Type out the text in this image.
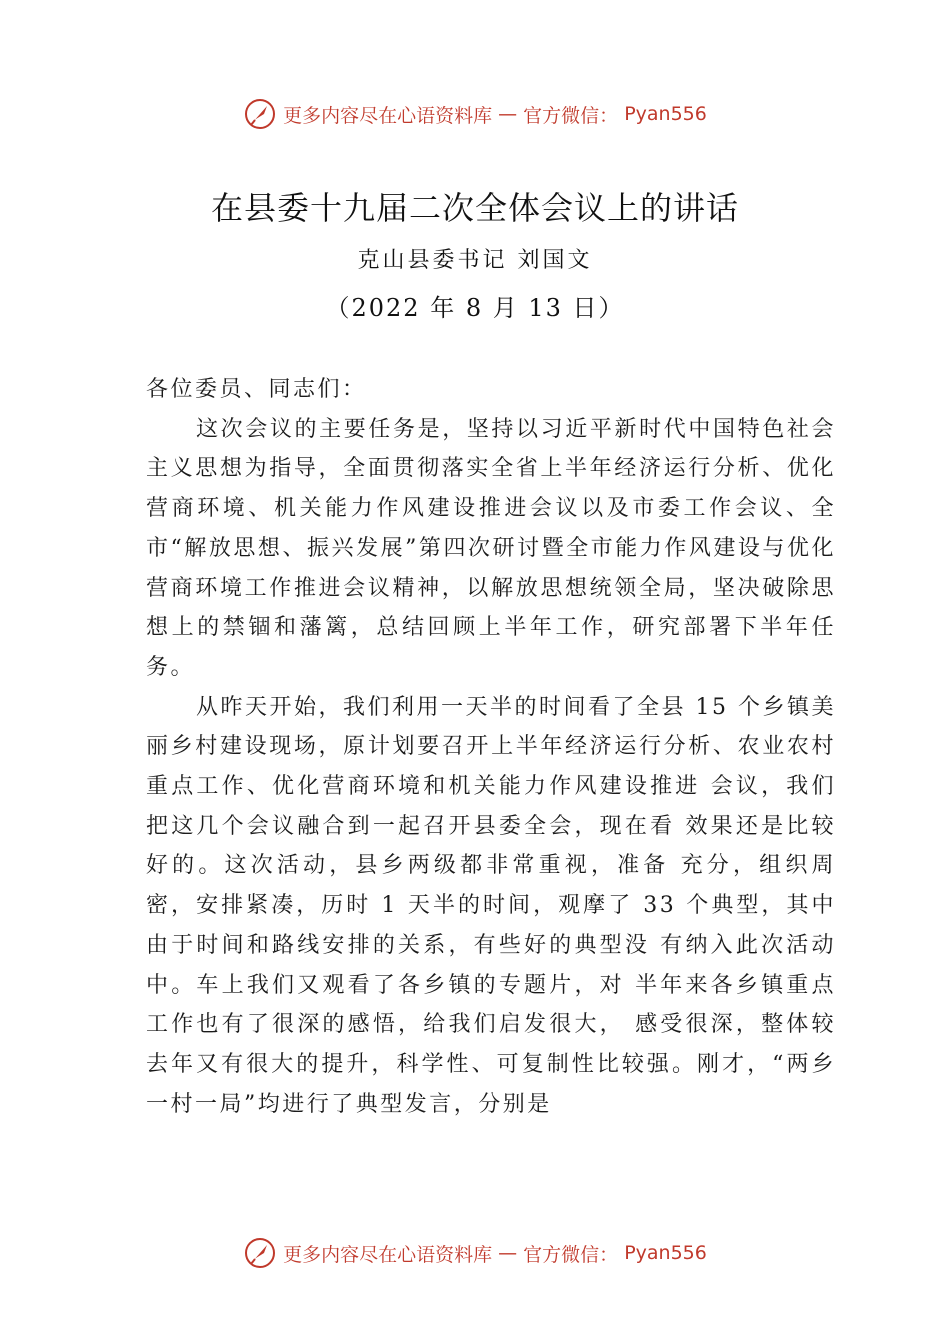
更多内容尽在心语资料库 — 官方微信： Pyan556
在县委十九届二次全体会议上的讲话
克山县委书记 刘国文
（2022 年 8 月 13 日）

各位委员、同志们：

这次会议的主要任务是，坚持以习近平新时代中国特色社会主义思想为指导，全面贯彻落实全省上半年经济运行分析、优化营商环境、机关能力作风建设推进会议以及市委工作会议、全市“解放思想、振兴发展”第四次研讨暨全市能力作风建设与优化营商环境工作推进会议精神，以解放思想统领全局，坚决破除思想上的禁锢和藩篱，总结回顾上半年工作，研究部署下半年任务。

从昨天开始，我们利用一天半的时间看了全县 15 个乡镇美丽乡村建设现场，原计划要召开上半年经济运行分析、农业农村重点工作、优化营商环境和机关能力作风建设推进 会议，我们把这几个会议融合到一起召开县委全会，现在看 效果还是比较好的。这次活动，县乡两级都非常重视，准备 充分，组织周密，安排紧凑，历时 1 天半的时间，观摩了 33 个典型，其中由于时间和路线安排的关系，有些好的典型没 有纳入此次活动中。车上我们又观看了各乡镇的专题片，对 半年来各乡镇重点工作也有了很深的感悟，给我们启发很大， 感受很深，整体较去年又有很大的提升，科学性、可复制性比较强。刚才，“两乡一村一局”均进行了典型发言，分别是

更多内容尽在心语资料库 — 官方微信： Pyan556
